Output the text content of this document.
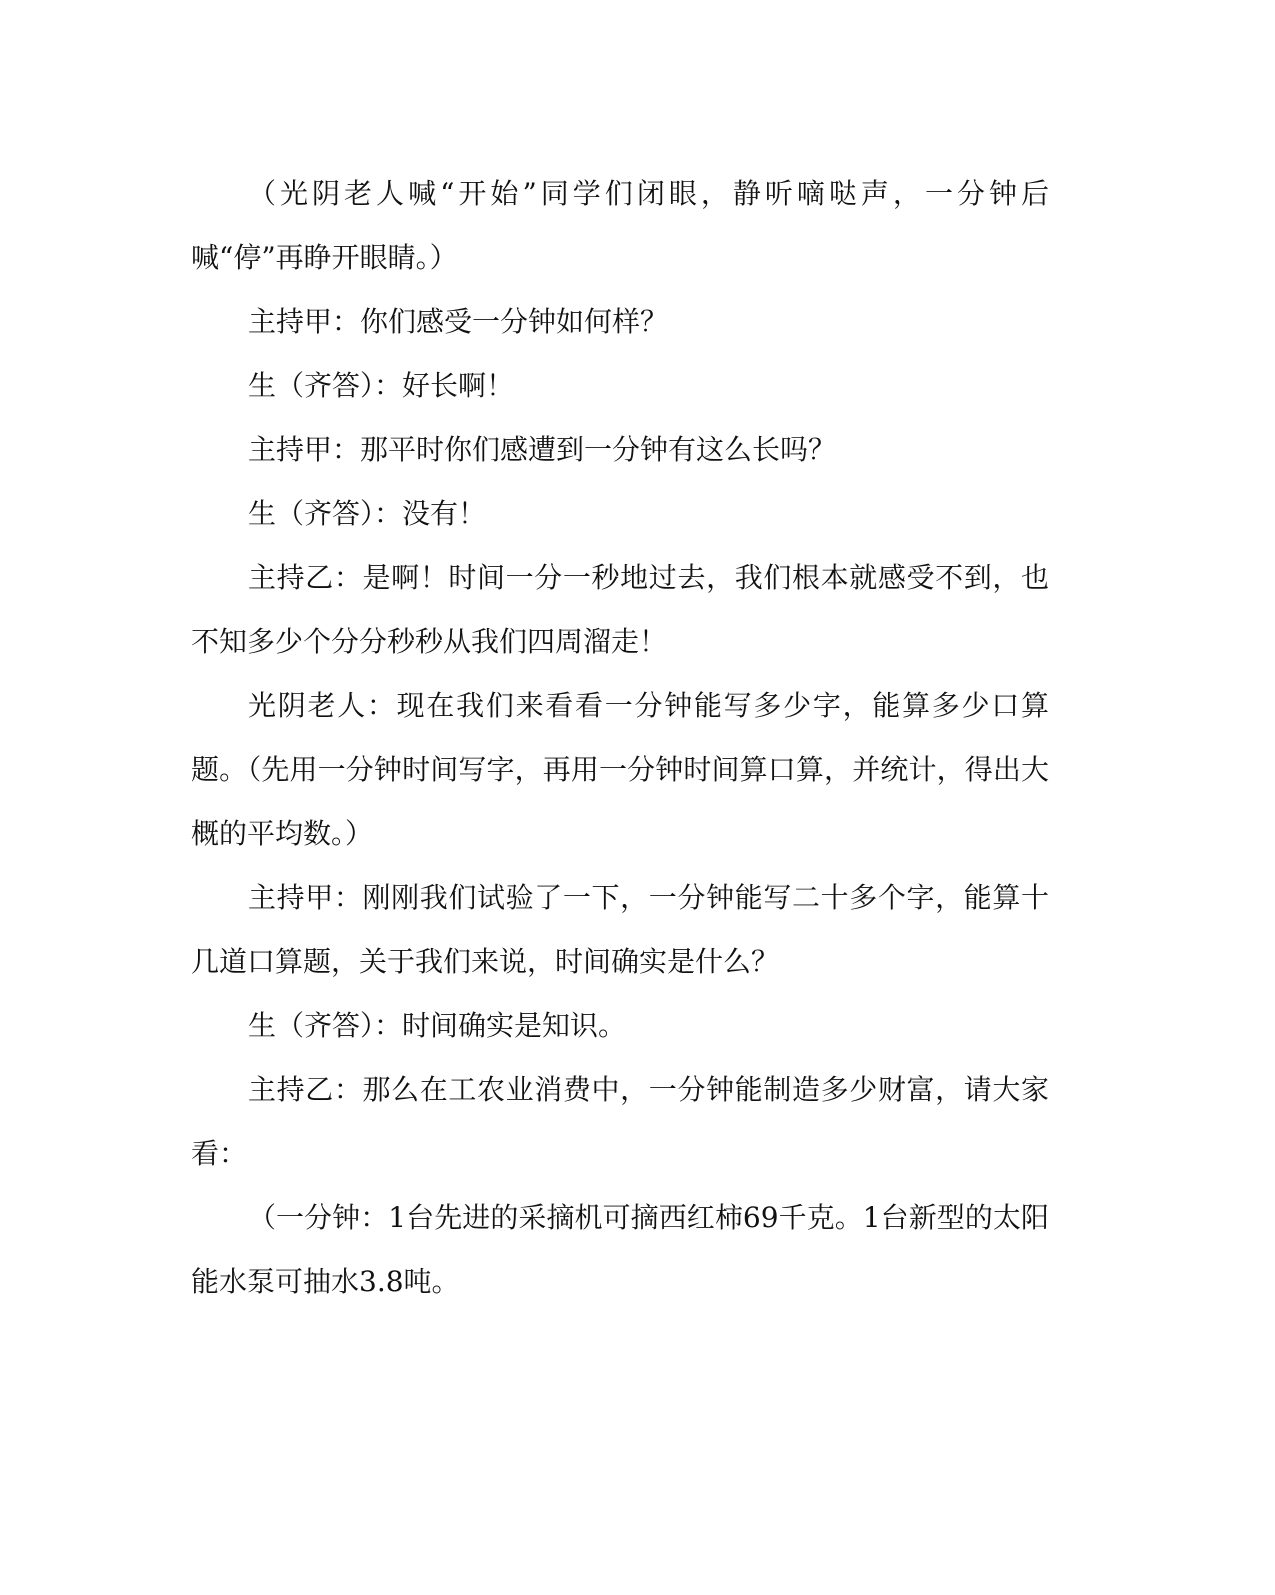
（光阴老人喊“开始”同学们闭眼，静听嘀哒声，一分钟后喊“停”再睁开眼睛。）

主持甲：你们感受一分钟如何样？

生（齐答）：好长啊！

主持甲：那平时你们感遭到一分钟有这么长吗？

生（齐答）：没有！

主持乙：是啊！时间一分一秒地过去，我们根本就感受不到，也不知多少个分分秒秒从我们四周溜走！

光阴老人：现在我们来看看一分钟能写多少字，能算多少口算题。（先用一分钟时间写字，再用一分钟时间算口算，并统计，得出大概的平均数。）

主持甲：刚刚我们试验了一下，一分钟能写二十多个字，能算十几道口算题，关于我们来说，时间确实是什么？

生（齐答）：时间确实是知识。

主持乙：那么在工农业消费中，一分钟能制造多少财富，请大家看：

（一分钟：1台先进的采摘机可摘西红柿69千克。1台新型的太阳能水泵可抽水3.8吨。
